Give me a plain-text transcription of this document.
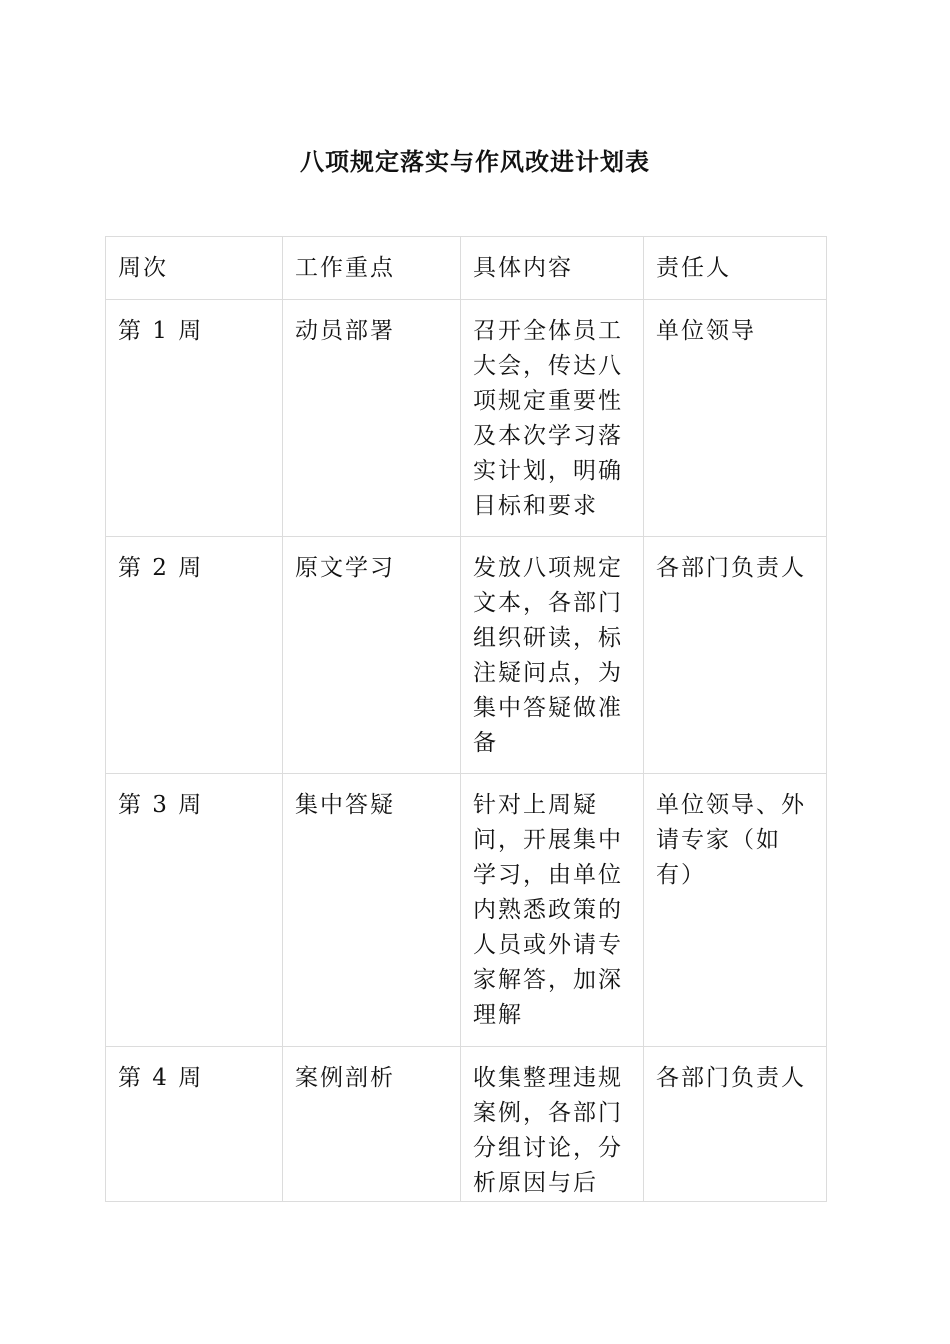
八项规定落实与作风改进计划表
周次	工作重点	具体内容	责任人
第 1 周	动员部署	召开全体员工大会，传达八项规定重要性及本次学习落实计划，明确目标和要求	单位领导
第 2 周	原文学习	发放八项规定文本，各部门组织研读，标注疑问点，为集中答疑做准备	各部门负责人
第 3 周	集中答疑	针对上周疑问，开展集中学习，由单位内熟悉政策的人员或外请专家解答，加深理解	单位领导、外请专家（如有）
第 4 周	案例剖析	收集整理违规案例，各部门分组讨论，分析原因与后	各部门负责人
